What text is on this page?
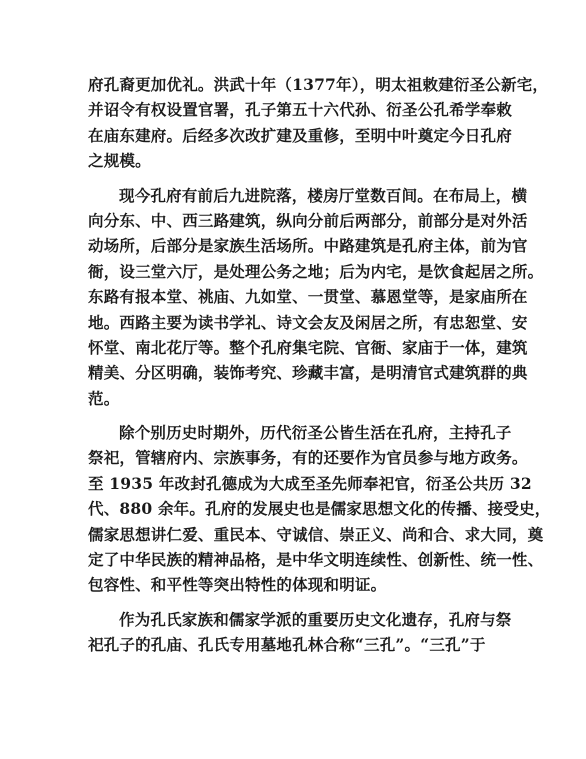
府孔裔更加优礼。洪武十年（1377年），明太祖敕建衍圣公新宅，
并诏令有权设置官署，孔子第五十六代孙、衍圣公孔希学奉敕
在庙东建府。后经多次改扩建及重修，至明中叶奠定今日孔府
之规模。
现今孔府有前后九进院落，楼房厅堂数百间。在布局上，横
向分东、中、西三路建筑，纵向分前后两部分，前部分是对外活
动场所，后部分是家族生活场所。中路建筑是孔府主体，前为官
衙，设三堂六厅，是处理公务之地；后为内宅，是饮食起居之所。
东路有报本堂、祧庙、九如堂、一贯堂、慕恩堂等，是家庙所在
地。西路主要为读书学礼、诗文会友及闲居之所，有忠恕堂、安
怀堂、南北花厅等。整个孔府集宅院、官衙、家庙于一体，建筑
精美、分区明确，装饰考究、珍藏丰富，是明清官式建筑群的典
范。
除个别历史时期外，历代衍圣公皆生活在孔府，主持孔子
祭祀，管辖府内、宗族事务，有的还要作为官员参与地方政务。
至 1935 年改封孔德成为大成至圣先师奉祀官，衍圣公共历 32
代、880 余年。孔府的发展史也是儒家思想文化的传播、接受史，
儒家思想讲仁爱、重民本、守诚信、崇正义、尚和合、求大同，奠
定了中华民族的精神品格，是中华文明连续性、创新性、统一性、
包容性、和平性等突出特性的体现和明证。
作为孔氏家族和儒家学派的重要历史文化遗存，孔府与祭
祀孔子的孔庙、孔氏专用墓地孔林合称“三孔”。“三孔”于
